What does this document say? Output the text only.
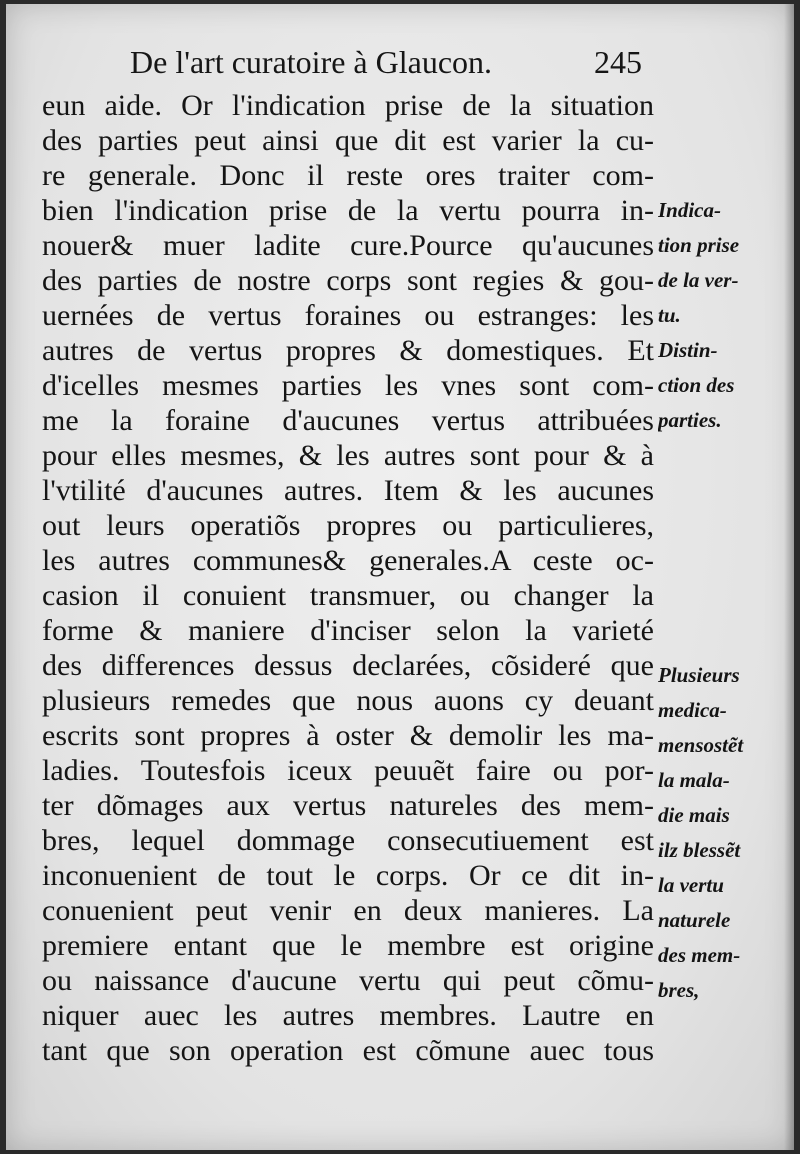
De l'art curatoire à Glaucon.	245
eun aide. Or l'indication prise de la situation
des parties peut ainsi que dit est varier la cu-
re generale. Donc il reste ores traiter com-
bien l'indication prise de la vertu pourra in-
nouer& muer ladite cure.Pource qu'aucunes
des parties de nostre corps sont regies & gou-
uernées de vertus foraines ou estranges: les
autres de vertus propres & domestiques. Et
d'icelles mesmes parties les vnes sont com-
me la foraine d'aucunes vertus attribuées
pour elles mesmes, & les autres sont pour & à
l'vtilité d'aucunes autres. Item & les aucunes
out leurs operatiõs propres ou particulieres,
les autres communes& generales.A ceste oc-
casion il conuient transmuer, ou changer la
forme & maniere d'inciser selon la varieté
des differences dessus declarées, cõsideré que
plusieurs remedes que nous auons cy deuant
escrits sont propres à oster & demolir les ma-
ladies. Toutesfois iceux peuuẽt faire ou por-
ter dõmages aux vertus natureles des mem-
bres, lequel dommage consecutiuement est
inconuenient de tout le corps. Or ce dit in-
conuenient peut venir en deux manieres. La
premiere entant que le membre est origine
ou naissance d'aucune vertu qui peut cõmu-
niquer auec les autres membres. Lautre en
tant que son operation est cõmune auec tous
Indica-
tion prise
de la ver-
tu.
Distin-
ction des
parties.
Plusieurs
medica-
mensostẽt
la mala-
die mais
ilz blessẽt
la vertu
naturele
des mem-
bres,
